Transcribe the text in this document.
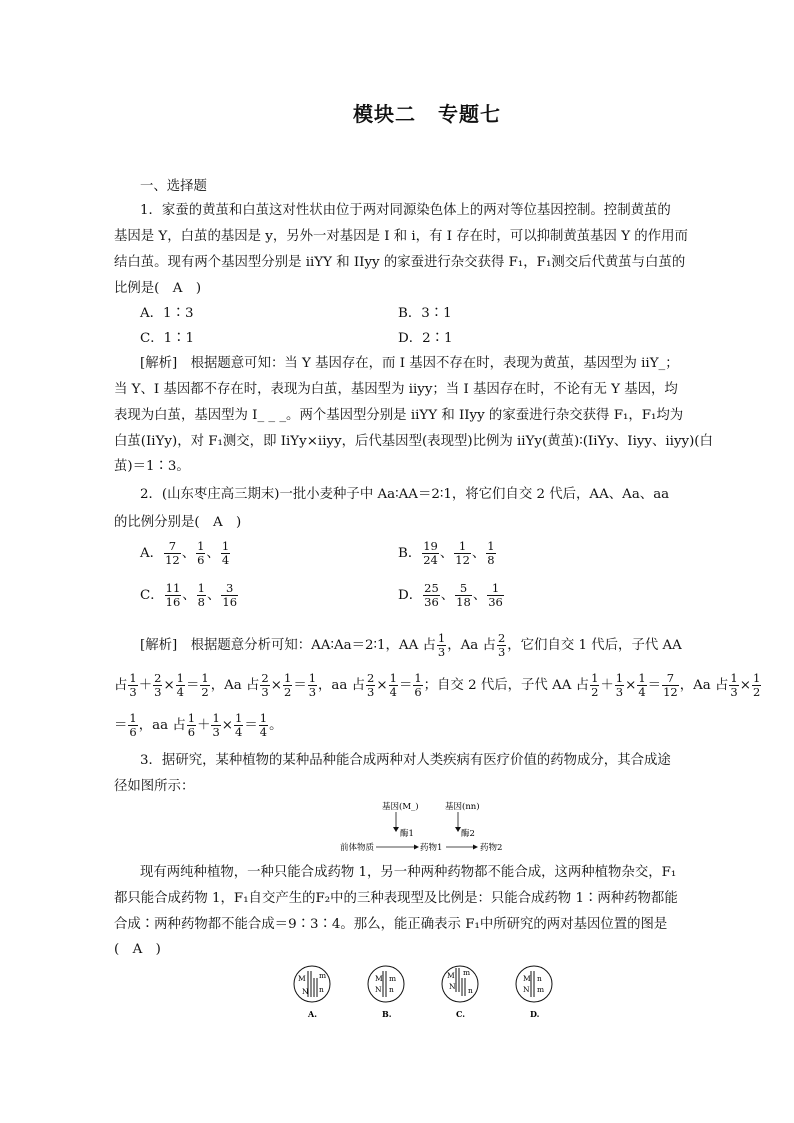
模块二 专题七
一、选择题
1．家蚕的黄茧和白茧这对性状由位于两对同源染色体上的两对等位基因控制。控制黄茧的
基因是 Y，白茧的基因是 y，另外一对基因是 I 和 i，有 I 存在时，可以抑制黄茧基因 Y 的作用而
结白茧。现有两个基因型分别是 iiYY 和 IIyy 的家蚕进行杂交获得 F₁，F₁测交后代黄茧与白茧的
比例是(　A　)
A．1∶3	B．3∶1
C．1∶1	D．2∶1
[解析]　根据题意可知：当 Y 基因存在，而 I 基因不存在时，表现为黄茧，基因型为 iiY_；
当 Y、I 基因都不存在时，表现为白茧，基因型为 iiyy；当 I 基因存在时，不论有无 Y 基因，均
表现为白茧，基因型为 I_ _ _。两个基因型分别是 iiYY 和 IIyy 的家蚕进行杂交获得 F₁，F₁均为
白茧(IiYy)，对 F₁测交，即 IiYy×iiyy，后代基因型(表现型)比例为 iiYy(黄茧)∶(IiYy、Iiyy、iiyy)(白
茧)＝1∶3。
2．(山东枣庄高三期末)一批小麦种子中 Aa∶AA＝2∶1，将它们自交 2 代后，AA、Aa、aa
的比例分别是(　A　)
A． $\frac{7}{12}$ 、 $\frac{1}{6}$ 、 $\frac{1}{4}$	B． $\frac{19}{24}$ 、 $\frac{1}{12}$ 、 $\frac{1}{8}$
C． $\frac{11}{16}$ 、 $\frac{1}{8}$ 、 $\frac{3}{16}$	D． $\frac{25}{36}$ 、 $\frac{5}{18}$ 、 $\frac{1}{36}$
[解析]　根据题意分析可知：AA∶Aa＝2∶1，AA 占 $\frac{1}{3}$ ，Aa 占 $\frac{2}{3}$ ，它们自交 1 代后，子代 AA
占 $\frac{1}{3} + \frac{2}{3} \times \frac{1}{4} = \frac{1}{2}$ ，Aa 占 $\frac{2}{3} \times \frac{1}{2} = \frac{1}{3}$ ，aa 占 $\frac{2}{3} \times \frac{1}{4} = \frac{1}{6}$ ；自交 2 代后，子代 AA 占 $\frac{1}{2} + \frac{1}{3} \times \frac{1}{4} = \frac{7}{12}$ ，Aa 占 $\frac{1}{3} \times \frac{1}{2}$
＝ $\frac{1}{6}$ ，aa 占 $\frac{1}{6} + \frac{1}{3} \times \frac{1}{4} = \frac{1}{4}$ 。
3．据研究，某种植物的某种品种能合成两种对人类疾病有医疗价值的药物成分，其合成途
径如图所示：
基因(M_)	基因(nn)
酶1	酶2
前体物质	药物1	药物2
现有两纯种植物，一种只能合成药物 1，另一种两种药物都不能合成，这两种植物杂交，F₁
都只能合成药物 1，F₁自交产生的F₂中的三种表现型及比例是：只能合成药物 1∶两种药物都能
合成∶两种药物都不能合成＝9∶3∶4。那么，能正确表示 F₁中所研究的两对基因位置的图是
(　A　)
M m
N n
A.
M m
N n
B.
M m
N n
C.
M n
N m
D.
